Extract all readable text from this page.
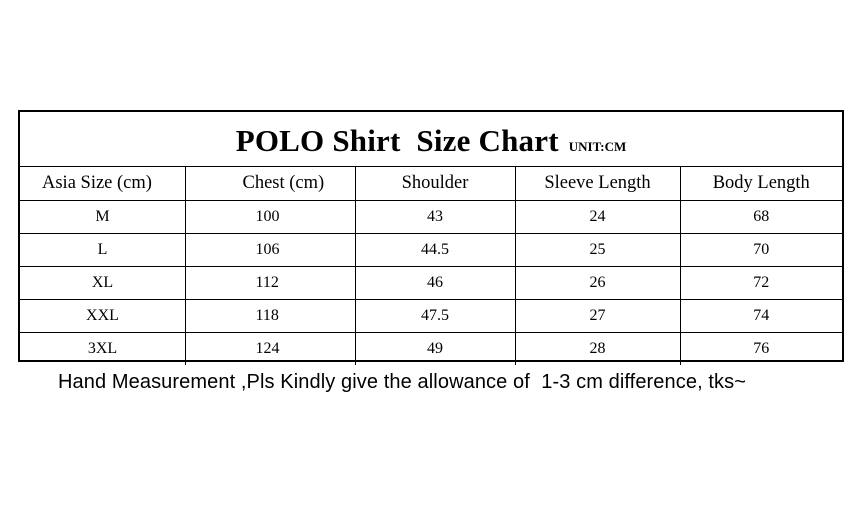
POLO Shirt  Size Chart UNIT:CM
Asia Size (cm)	Chest (cm)	Shoulder	Sleeve Length	Body Length
M	100	43	24	68
L	106	44.5	25	70
XL	112	46	26	72
XXL	118	47.5	27	74
3XL	124	49	28	76
Hand Measurement ,Pls Kindly give the allowance of  1-3 cm difference, tks~
